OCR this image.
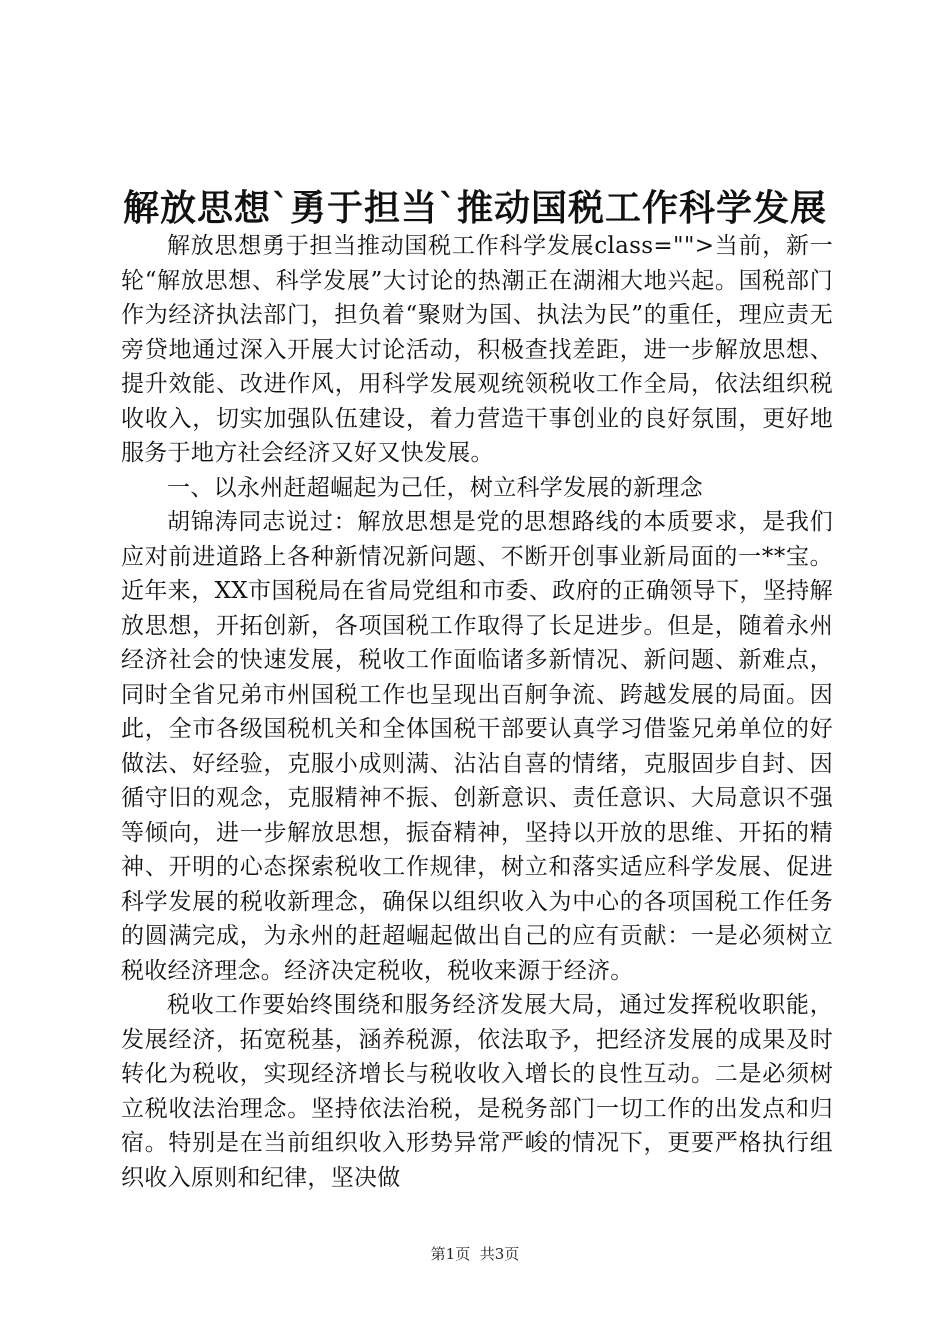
解放思想`勇于担当`推动国税工作科学发展

解放思想勇于担当推动国税工作科学发展class="">当前，新一轮“解放思想、科学发展”大讨论的热潮正在湖湘大地兴起。国税部门作为经济执法部门，担负着“聚财为国、执法为民”的重任，理应责无旁贷地通过深入开展大讨论活动，积极查找差距，进一步解放思想、提升效能、改进作风，用科学发展观统领税收工作全局，依法组织税收收入，切实加强队伍建设，着力营造干事创业的良好氛围，更好地服务于地方社会经济又好又快发展。

一、以永州赶超崛起为己任，树立科学发展的新理念

胡锦涛同志说过：解放思想是党的思想路线的本质要求，是我们应对前进道路上各种新情况新问题、不断开创事业新局面的一**宝。近年来，XX市国税局在省局党组和市委、政府的正确领导下，坚持解放思想，开拓创新，各项国税工作取得了长足进步。但是，随着永州经济社会的快速发展，税收工作面临诸多新情况、新问题、新难点，同时全省兄弟市州国税工作也呈现出百舸争流、跨越发展的局面。因此，全市各级国税机关和全体国税干部要认真学习借鉴兄弟单位的好做法、好经验，克服小成则满、沾沾自喜的情绪，克服固步自封、因循守旧的观念，克服精神不振、创新意识、责任意识、大局意识不强等倾向，进一步解放思想，振奋精神，坚持以开放的思维、开拓的精神、开明的心态探索税收工作规律，树立和落实适应科学发展、促进科学发展的税收新理念，确保以组织收入为中心的各项国税工作任务的圆满完成，为永州的赶超崛起做出自己的应有贡献：一是必须树立税收经济理念。经济决定税收，税收来源于经济。

税收工作要始终围绕和服务经济发展大局，通过发挥税收职能，发展经济，拓宽税基，涵养税源，依法取予，把经济发展的成果及时转化为税收，实现经济增长与税收收入增长的良性互动。二是必须树立税收法治理念。坚持依法治税，是税务部门一切工作的出发点和归宿。特别是在当前组织收入形势异常严峻的情况下，更要严格执行组织收入原则和纪律，坚决做

第1页 共3页
